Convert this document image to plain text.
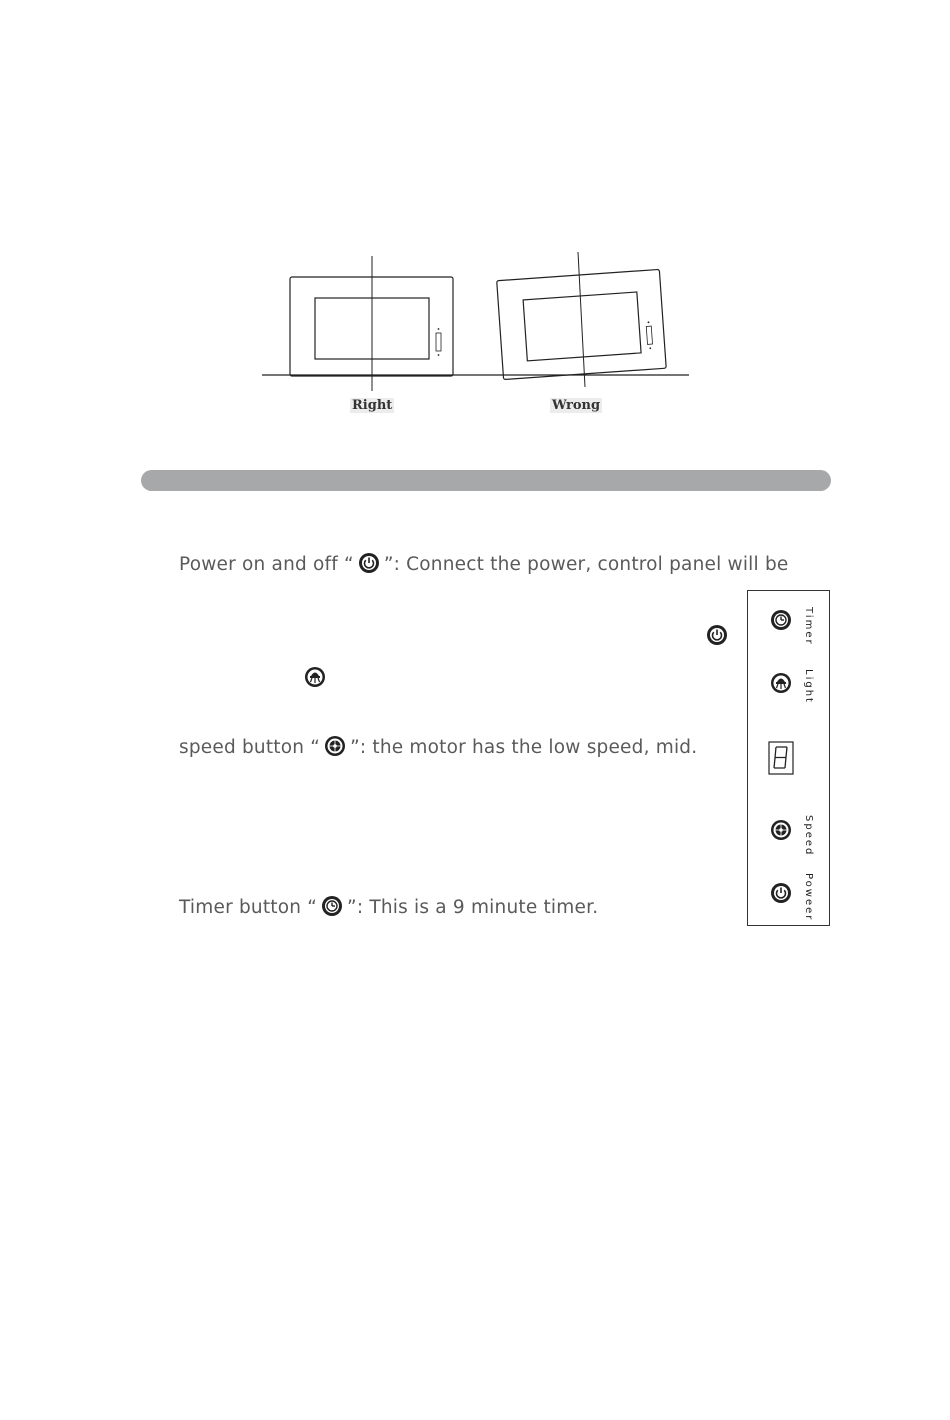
Right	Wrong
Power on and off “ ”: Connect the power, control panel will be
speed button “ ”: the motor has the low speed, mid.
Timer button “ ”: This is a 9 minute timer.
Timer
Light
Speed
Poweer
